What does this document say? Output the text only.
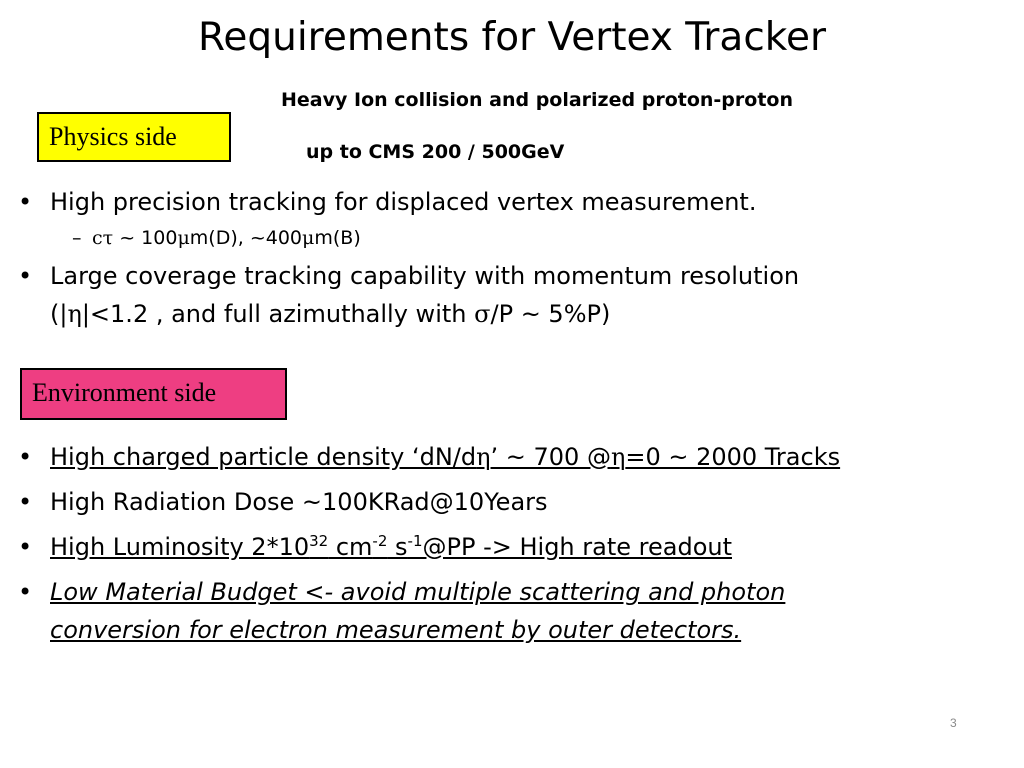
Requirements for Vertex Tracker
Heavy Ion collision and polarized proton-proton
up to CMS 200 / 500GeV
Physics side
• High precision tracking for displaced vertex measurement.
– cτ ~ 100μm(D), ~400μm(B)
• Large coverage tracking capability with momentum resolution
(|η|<1.2 , and full azimuthally with σ/P ~ 5%P)
Environment side
• High charged particle density ‘dN/dη’ ~ 700 @η=0 ~ 2000 Tracks
• High Radiation Dose ~100KRad@10Years
• High Luminosity $2*10^{32}$ $cm^{-2}$ $s^{-1}@PP$ -> High rate readout
• Low Material Budget <- avoid multiple scattering and photon
conversion for electron measurement by outer detectors.
3
